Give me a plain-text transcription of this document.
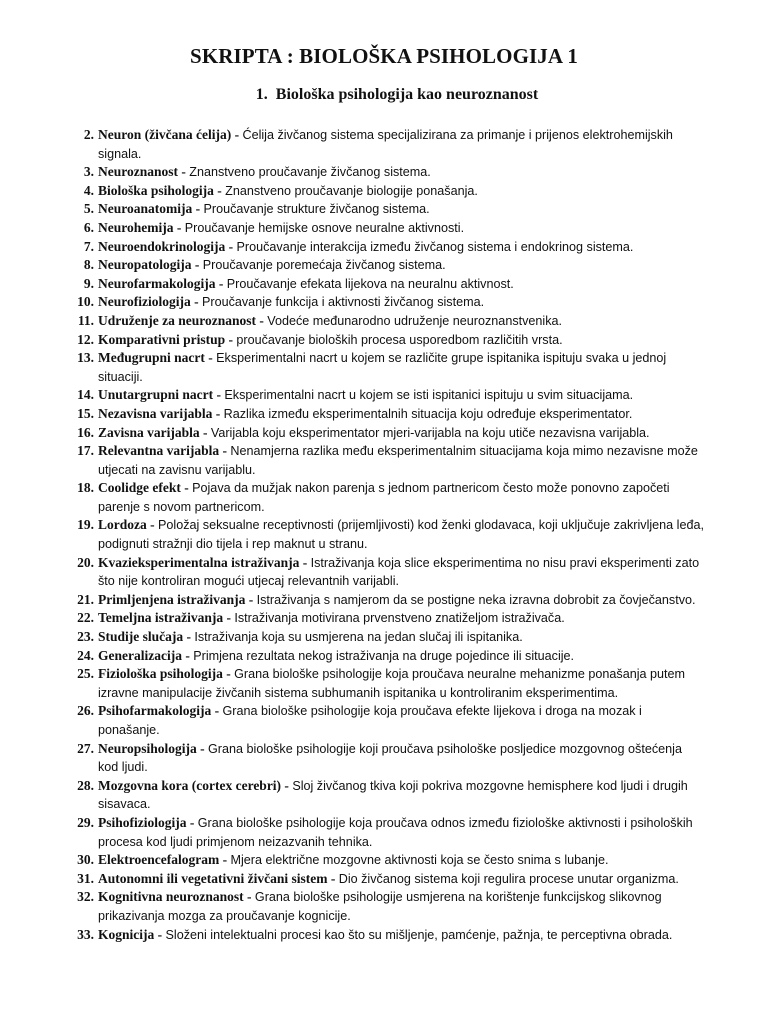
SKRIPTA : BIOLOŠKA PSIHOLOGIJA 1
1. Biološka psihologija kao neuroznanost
2. Neuron (živčana ćelija) - Ćelija živčanog sistema specijalizirana za primanje i prijenos elektrohemijskih signala.
3. Neuroznanost - Znanstveno proučavanje živčanog sistema.
4. Biološka psihologija - Znanstveno proučavanje biologije ponašanja.
5. Neuroanatomija - Proučavanje strukture živčanog sistema.
6. Neurohemija - Proučavanje hemijske osnove neuralne aktivnosti.
7. Neuroendokrinologija - Proučavanje interakcija između živčanog sistema i endokrinog sistema.
8. Neuropatologija - Proučavanje poremećaja živčanog sistema.
9. Neurofarmakologija - Proučavanje efekata lijekova na neuralnu aktivnost.
10. Neurofiziologija - Proučavanje funkcija i aktivnosti živčanog sistema.
11. Udruženje za neuroznanost - Vodeće međunarodno udruženje neuroznanstvenika.
12. Komparativni pristup - proučavanje bioloških procesa usporedbom različitih vrsta.
13. Međugrupni nacrt - Eksperimentalni nacrt u kojem se različite grupe ispitanika ispituju svaka u jednoj situaciji.
14. Unutargrupni nacrt - Eksperimentalni nacrt u kojem se isti ispitanici ispituju u svim situacijama.
15. Nezavisna varijabla - Razlika između eksperimentalnih situacija koju određuje eksperimentator.
16. Zavisna varijabla - Varijabla koju eksperimentator mjeri-varijabla na koju utiče nezavisna varijabla.
17. Relevantna varijabla - Nenamjerna razlika među eksperimentalnim situacijama koja mimo nezavisne može utjecati na zavisnu varijablu.
18. Coolidge efekt - Pojava da mužjak nakon parenja s jednom partnericom često može ponovno započeti parenje s novom partnericom.
19. Lordoza - Položaj seksualne receptivnosti (prijemljivosti) kod ženki glodavaca, koji uključuje zakrivljena leđa, podignuti stražnji dio tijela i rep maknut u stranu.
20. Kvazieksperimentalna istraživanja - Istraživanja koja slice eksperimentima no nisu pravi eksperimenti zato što nije kontroliran mogući utjecaj relevantnih varijabli.
21. Primljenjena istraživanja - Istraživanja s namjerom da se postigne neka izravna dobrobit za čovječanstvo.
22. Temeljna istraživanja - Istraživanja motivirana prvenstveno znatiželjom istraživača.
23. Studije slučaja - Istraživanja koja su usmjerena na jedan slučaj ili ispitanika.
24. Generalizacija - Primjena rezultata nekog istraživanja na druge pojedince ili situacije.
25. Fiziološka psihologija - Grana biološke psihologije koja proučava neuralne mehanizme ponašanja putem izravne manipulacije živčanih sistema subhumanih ispitanika u kontroliranim eksperimentima.
26. Psihofarmakologija - Grana biološke psihologije koja proučava efekte lijekova i droga na mozak i ponašanje.
27. Neuropsihologija - Grana biološke psihologije koji proučava psihološke posljedice mozgovnog oštećenja kod ljudi.
28. Mozgovna kora (cortex cerebri) - Sloj živčanog tkiva koji pokriva mozgovne hemisphere kod ljudi i drugih sisavaca.
29. Psihofiziologija - Grana biološke psihologije koja proučava odnos između fiziološke aktivnosti i psiholoških procesa kod ljudi primjenom neizazvanih tehnika.
30. Elektroencefalogram - Mjera električne mozgovne aktivnosti koja se često snima s lubanje.
31. Autonomni ili vegetativni živčani sistem - Dio živčanog sistema koji regulira procese unutar organizma.
32. Kognitivna neuroznanost - Grana biološke psihologije usmjerena na korištenje funkcijskog slikovnog prikazivanja mozga za proučavanje kognicije.
33. Kognicija - Složeni intelektualni procesi kao što su mišljenje, pamćenje, pažnja, te perceptivna obrada.
